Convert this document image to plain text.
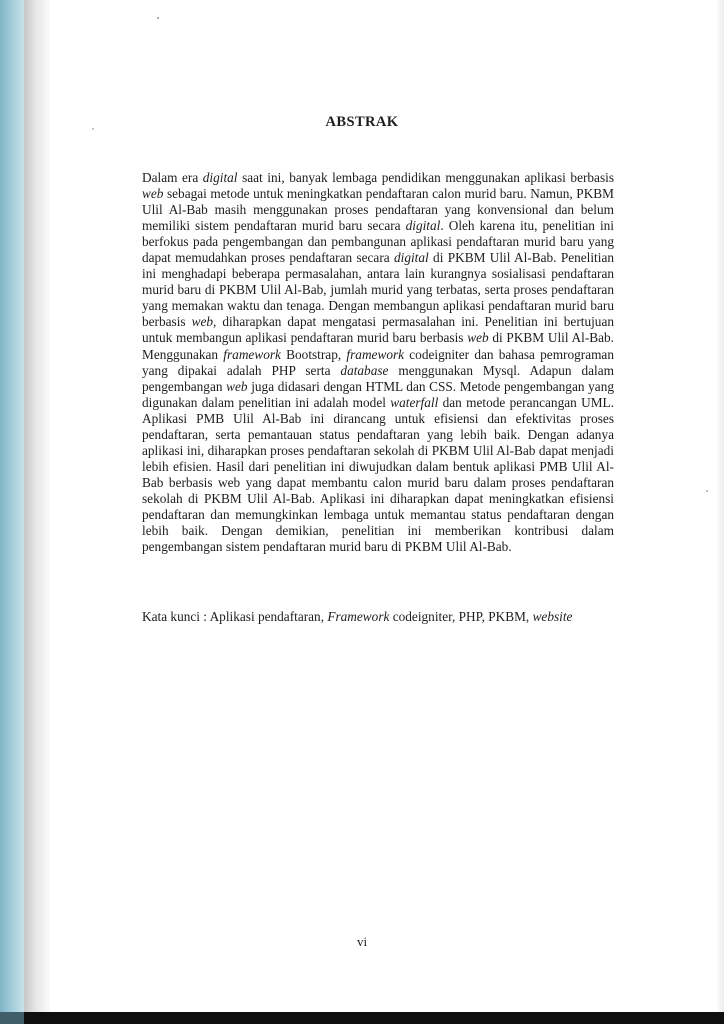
ABSTRAK

Dalam era digital saat ini, banyak lembaga pendidikan menggunakan aplikasi berbasis web sebagai metode untuk meningkatkan pendaftaran calon murid baru. Namun, PKBM Ulil Al-Bab masih menggunakan proses pendaftaran yang konvensional dan belum memiliki sistem pendaftaran murid baru secara digital. Oleh karena itu, penelitian ini berfokus pada pengembangan dan pembangunan aplikasi pendaftaran murid baru yang dapat memudahkan proses pendaftaran secara digital di PKBM Ulil Al-Bab. Penelitian ini menghadapi beberapa permasalahan, antara lain kurangnya sosialisasi pendaftaran murid baru di PKBM Ulil Al-Bab, jumlah murid yang terbatas, serta proses pendaftaran yang memakan waktu dan tenaga. Dengan membangun aplikasi pendaftaran murid baru berbasis web, diharapkan dapat mengatasi permasalahan ini. Penelitian ini bertujuan untuk membangun aplikasi pendaftaran murid baru berbasis web di PKBM Ulil Al-Bab. Menggunakan framework Bootstrap, framework codeigniter dan bahasa pemrograman yang dipakai adalah PHP serta database menggunakan Mysql. Adapun dalam pengembangan web juga didasari dengan HTML dan CSS. Metode pengembangan yang digunakan dalam penelitian ini adalah model waterfall dan metode perancangan UML. Aplikasi PMB Ulil Al-Bab ini dirancang untuk efisiensi dan efektivitas proses pendaftaran, serta pemantauan status pendaftaran yang lebih baik. Dengan adanya aplikasi ini, diharapkan proses pendaftaran sekolah di PKBM Ulil Al-Bab dapat menjadi lebih efisien. Hasil dari penelitian ini diwujudkan dalam bentuk aplikasi PMB Ulil Al-Bab berbasis web yang dapat membantu calon murid baru dalam proses pendaftaran sekolah di PKBM Ulil Al-Bab. Aplikasi ini diharapkan dapat meningkatkan efisiensi pendaftaran dan memungkinkan lembaga untuk memantau status pendaftaran dengan lebih baik. Dengan demikian, penelitian ini memberikan kontribusi dalam pengembangan sistem pendaftaran murid baru di PKBM Ulil Al-Bab.

Kata kunci : Aplikasi pendaftaran, Framework codeigniter, PHP, PKBM, website

vi
